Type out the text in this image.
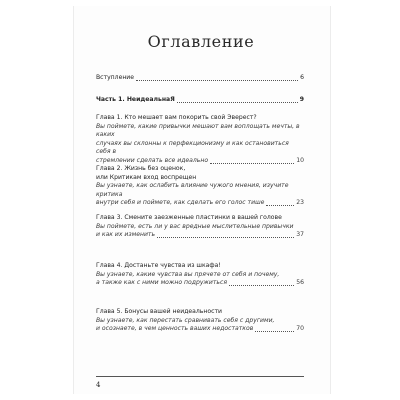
Оглавление
Вступление	6
Часть 1. НеидеальнаЯ	9
Глава 1. Кто мешает вам покорить свой Эверест?
Вы поймете, какие привычки мешают вам воплощать мечты, в каких
случаях вы склонны к перфекционизму и как остановиться себя в
стремлении сделать все идеально	10
Глава 2. Жизнь без оценок,
или Критикам вход воспрещен
Вы узнаете, как ослабить влияние чужого мнения, изучите критика
внутри себя и поймете, как сделать его голос тише	23
Глава 3. Смените заезженные пластинки в вашей голове
Вы поймете, есть ли у вас вредные мыслительные привычки
и как их изменить	37
Глава 4. Достаньте чувства из шкафа!
Вы узнаете, какие чувства вы прячете от себя и почему,
а также как с ними можно подружиться	56
Глава 5. Бонусы вашей неидеальности
Вы узнаете, как перестать сравнивать себя с другими,
и осознаете, в чем ценность ваших недостатков	70
4
